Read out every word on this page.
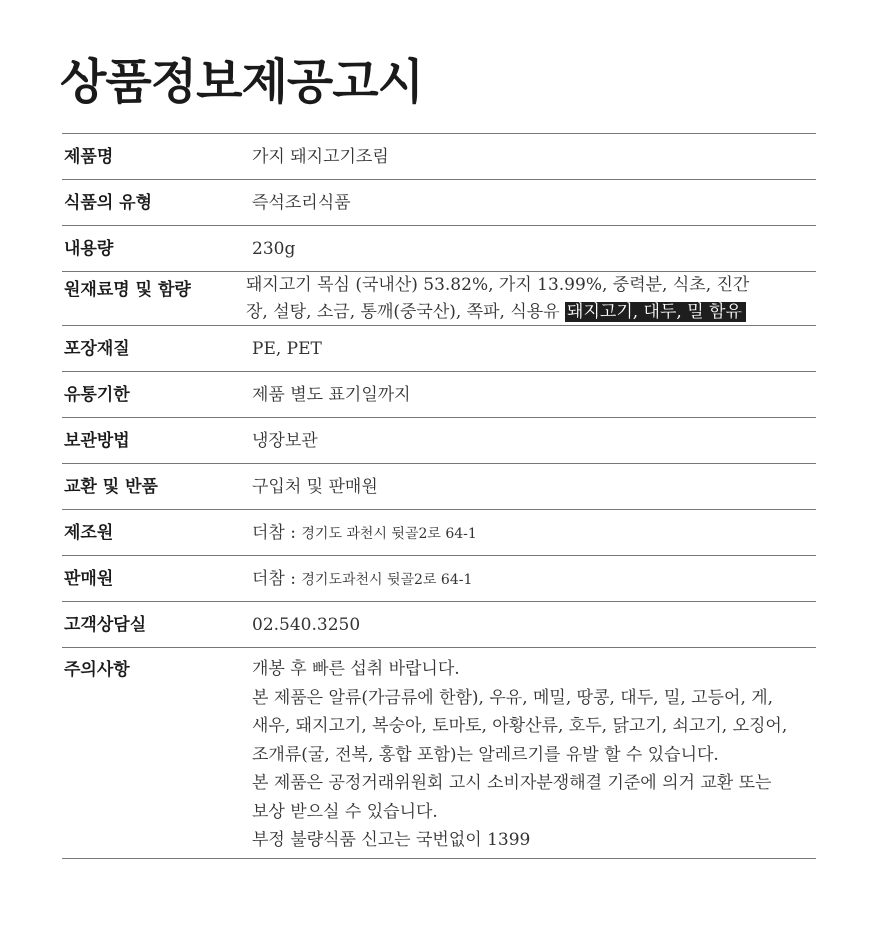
상품정보제공고시
제품명	가지 돼지고기조림
식품의 유형	즉석조리식품
내용량	230g
원재료명 및 함량	돼지고기 목심 (국내산) 53.82%, 가지 13.99%, 중력분, 식초, 진간
장, 설탕, 소금, 통깨(중국산), 쪽파, 식용유 돼지고기, 대두, 밀 함유
포장재질	PE, PET
유통기한	제품 별도 표기일까지
보관방법	냉장보관
교환 및 반품	구입처 및 판매원
제조원	더참 : 경기도 과천시 뒷골2로 64-1
판매원	더참 : 경기도과천시 뒷골2로 64-1
고객상담실	02.540.3250
주의사항	개봉 후 빠른 섭취 바랍니다.
본 제품은 알류(가금류에 한함), 우유, 메밀, 땅콩, 대두, 밀, 고등어, 게,
새우, 돼지고기, 복숭아, 토마토, 아황산류, 호두, 닭고기, 쇠고기, 오징어,
조개류(굴, 전복, 홍합 포함)는 알레르기를 유발 할 수 있습니다.
본 제품은 공정거래위원회 고시 소비자분쟁해결 기준에 의거 교환 또는
보상 받으실 수 있습니다.
부정 불량식품 신고는 국번없이 1399
